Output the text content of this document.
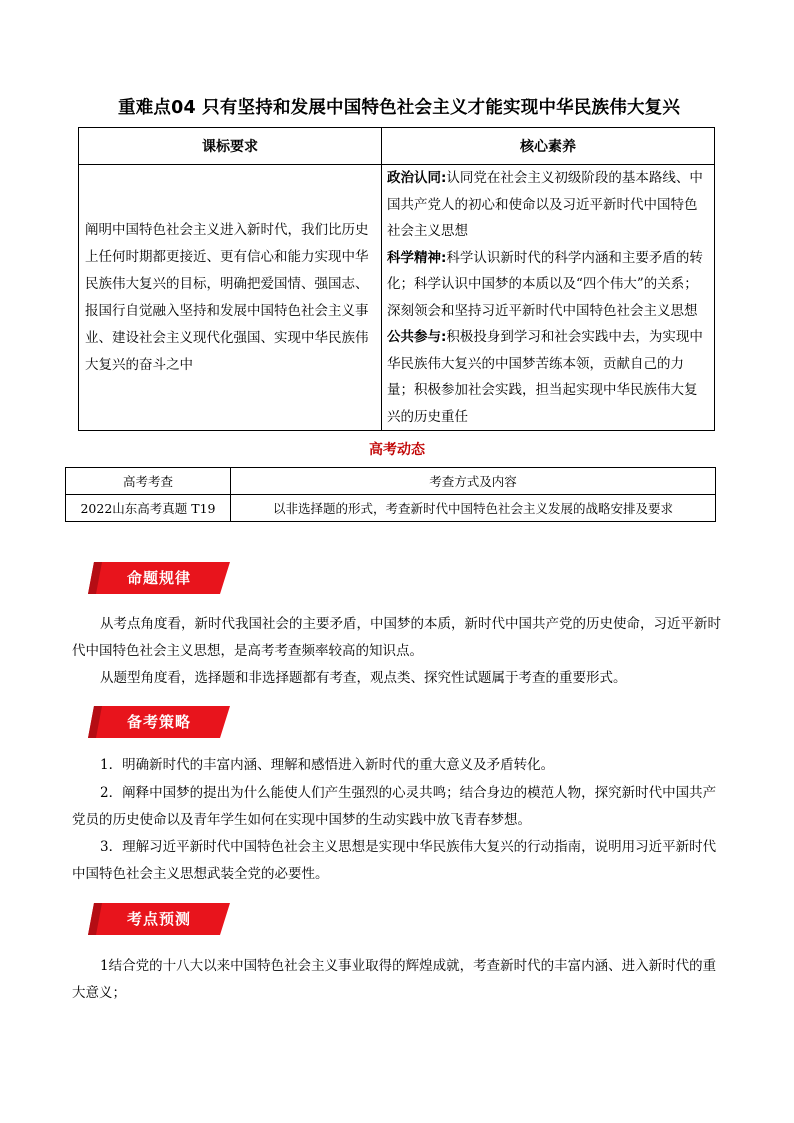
重难点04 只有坚持和发展中国特色社会主义才能实现中华民族伟大复兴
课标要求	核心素养
阐明中国特色社会主义进入新时代，我们比历史上任何时期都更接近、更有信心和能力实现中华民族伟大复兴的目标，明确把爱国情、强国志、报国行自觉融入坚持和发展中国特色社会主义事业、建设社会主义现代化强国、实现中华民族伟大复兴的奋斗之中	政治认同:认同党在社会主义初级阶段的基本路线、中国共产党人的初心和使命以及习近平新时代中国特色社会主义思想
科学精神:科学认识新时代的科学内涵和主要矛盾的转化；科学认识中国梦的本质以及“四个伟大”的关系；深刻领会和坚持习近平新时代中国特色社会主义思想
公共参与:积极投身到学习和社会实践中去，为实现中华民族伟大复兴的中国梦苦练本领，贡献自己的力量；积极参加社会实践，担当起实现中华民族伟大复兴的历史重任
高考动态
高考考查	考查方式及内容
2022山东高考真题 T19	以非选择题的形式，考查新时代中国特色社会主义发展的战略安排及要求
命题规律
从考点角度看，新时代我国社会的主要矛盾，中国梦的本质，新时代中国共产党的历史使命，习近平新时代中国特色社会主义思想，是高考考查频率较高的知识点。
从题型角度看，选择题和非选择题都有考查，观点类、探究性试题属于考查的重要形式。
备考策略
1．明确新时代的丰富内涵、理解和感悟进入新时代的重大意义及矛盾转化。
2．阐释中国梦的提出为什么能使人们产生强烈的心灵共鸣；结合身边的模范人物，探究新时代中国共产党员的历史使命以及青年学生如何在实现中国梦的生动实践中放飞青春梦想。
3．理解习近平新时代中国特色社会主义思想是实现中华民族伟大复兴的行动指南，说明用习近平新时代中国特色社会主义思想武装全党的必要性。
考点预测
1结合党的十八大以来中国特色社会主义事业取得的辉煌成就，考查新时代的丰富内涵、进入新时代的重大意义；
